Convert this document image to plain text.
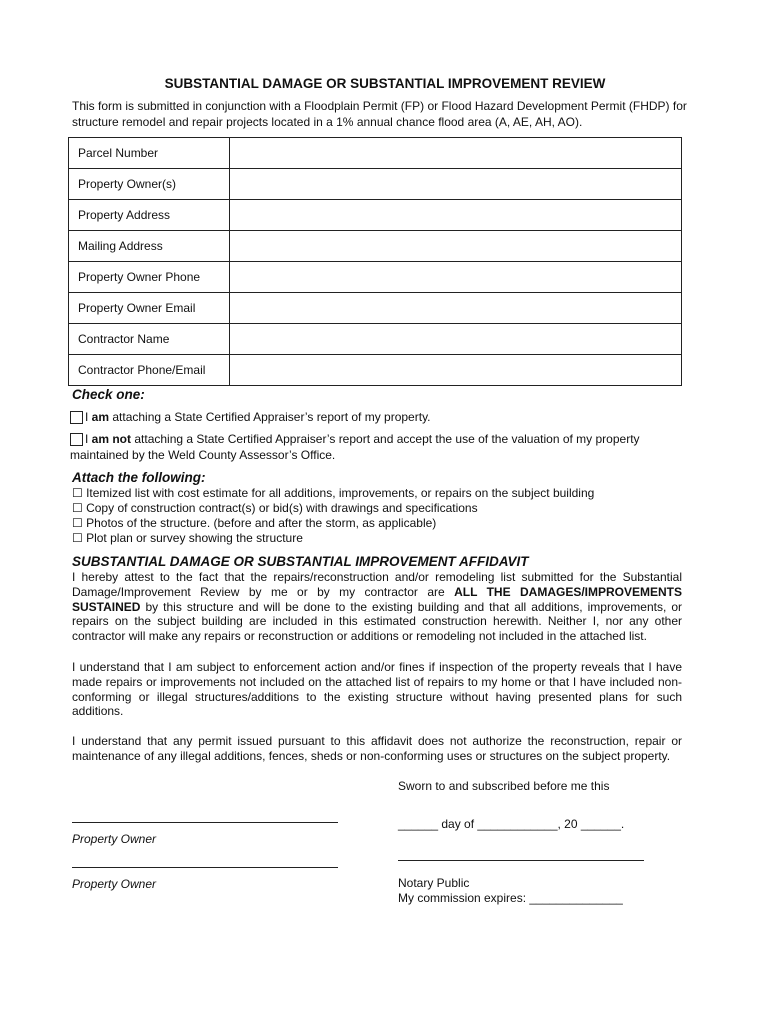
SUBSTANTIAL DAMAGE OR SUBSTANTIAL IMPROVEMENT REVIEW
This form is submitted in conjunction with a Floodplain Permit (FP) or Flood Hazard Development Permit (FHDP) for structure remodel and repair projects located in a 1% annual chance flood area (A, AE, AH, AO).
Parcel Number	
Property Owner(s)	
Property Address	
Mailing Address	
Property Owner Phone	
Property Owner Email	
Contractor Name	
Contractor Phone/Email	
Check one:
I am attaching a State Certified Appraiser’s report of my property.
I am not attaching a State Certified Appraiser’s report and accept the use of the valuation of my property maintained by the Weld County Assessor’s Office.
Attach the following:
☐ Itemized list with cost estimate for all additions, improvements, or repairs on the subject building
☐ Copy of construction contract(s) or bid(s) with drawings and specifications
☐ Photos of the structure. (before and after the storm, as applicable)
☐ Plot plan or survey showing the structure
SUBSTANTIAL DAMAGE OR SUBSTANTIAL IMPROVEMENT AFFIDAVIT
I hereby attest to the fact that the repairs/reconstruction and/or remodeling list submitted for the Substantial Damage/Improvement Review by me or by my contractor are ALL THE DAMAGES/IMPROVEMENTS SUSTAINED by this structure and will be done to the existing building and that all additions, improvements, or repairs on the subject building are included in this estimated construction herewith. Neither I, nor any other contractor will make any repairs or reconstruction or additions or remodeling not included in the attached list.
I understand that I am subject to enforcement action and/or fines if inspection of the property reveals that I have made repairs or improvements not included on the attached list of repairs to my home or that I have included non-conforming or illegal structures/additions to the existing structure without having presented plans for such additions.
I understand that any permit issued pursuant to this affidavit does not authorize the reconstruction, repair or maintenance of any illegal additions, fences, sheds or non-conforming uses or structures on the subject property.
Sworn to and subscribed before me this
Property Owner
Property Owner
______ day of ____________, 20 ______.
Notary Public
My commission expires: ______________
